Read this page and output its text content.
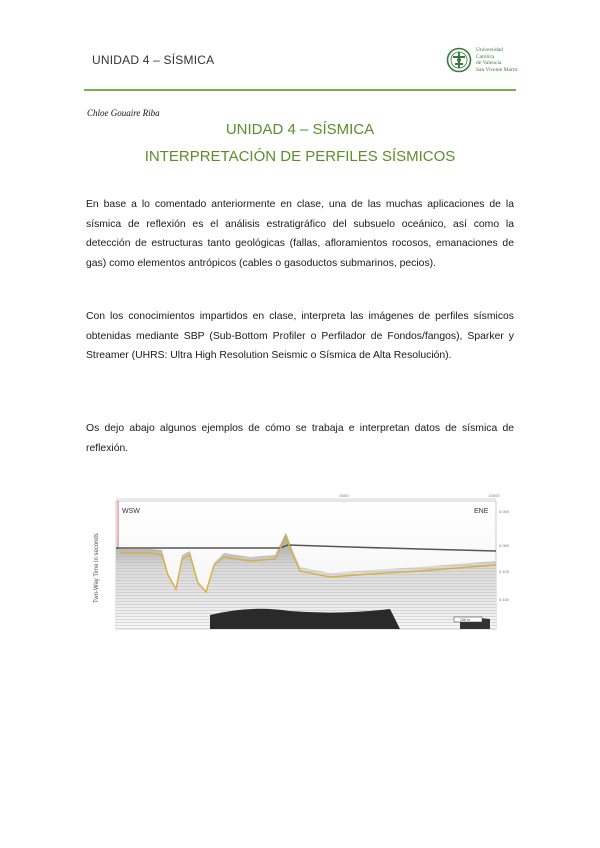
UNIDAD 4 – SÍSMICA
Universidad
Católica
de Valencia
San Vicente Mártir
Chloe Gouaire Riba
UNIDAD 4 – SÍSMICA
INTERPRETACIÓN DE PERFILES SÍSMICOS

En base a lo comentado anteriormente en clase, una de las muchas aplicaciones de la sísmica de reflexión es el análisis estratigráfico del subsuelo oceánico, así como la detección de estructuras tanto geológicas (fallas, afloramientos rocosos, emanaciones de gas) como elementos antrópicos (cables o gasoductos submarinos, pecios).

Con los conocimientos impartidos en clase, interpreta las imágenes de perfiles sísmicos obtenidas mediante SBP (Sub-Bottom Profiler o Perfilador de Fondos/fangos), Sparker y Streamer (UHRS: Ultra High Resolution Seismic o Sísmica de Alta Resolución).

Os dejo abajo algunos ejemplos de cómo se trabaja e interpretan datos de sísmica de reflexión.

5000	10000
WSW	ENE
Two-Way Time in seconds
0.000
0.050
0.100
0.150
100 m
